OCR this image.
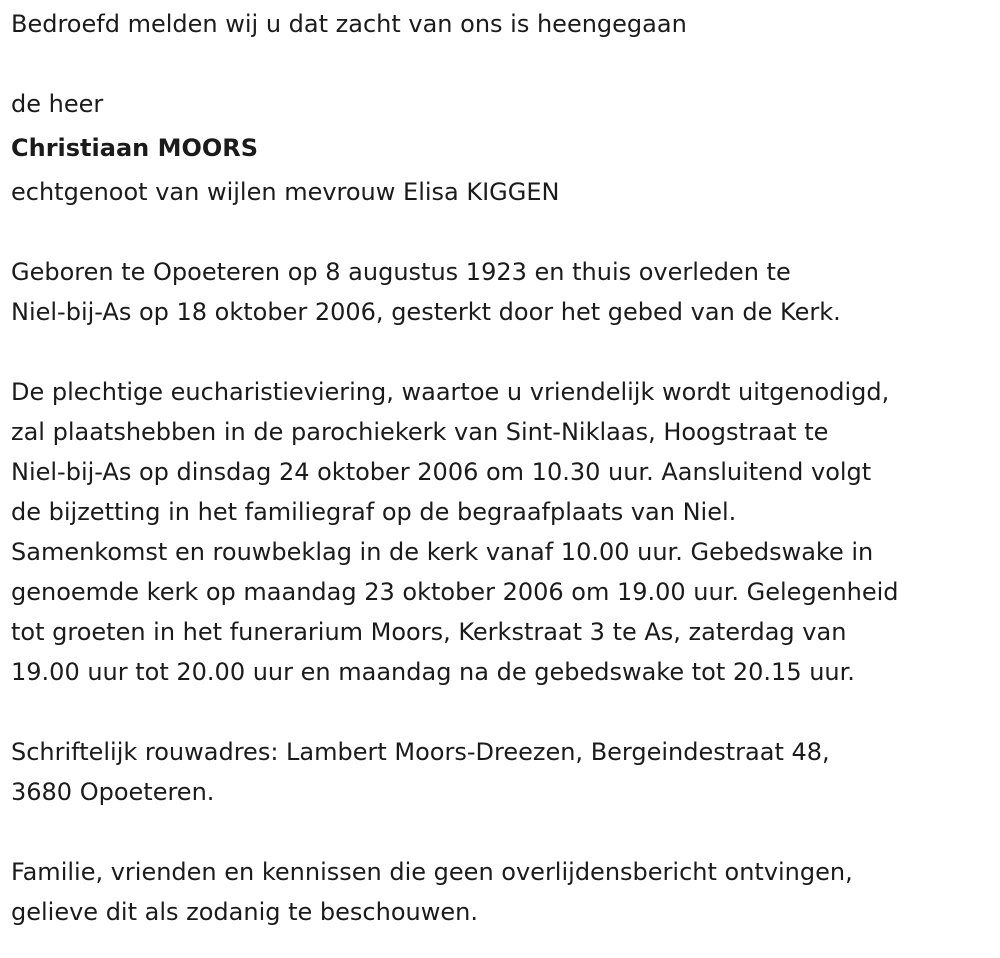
Bedroefd melden wij u dat zacht van ons is heengegaan
de heer
Christiaan MOORS
echtgenoot van wijlen mevrouw Elisa KIGGEN
Geboren te Opoeteren op 8 augustus 1923 en thuis overleden te
Niel-bij-As op 18 oktober 2006, gesterkt door het gebed van de Kerk.
De plechtige eucharistieviering, waartoe u vriendelijk wordt uitgenodigd,
zal plaatshebben in de parochiekerk van Sint-Niklaas, Hoogstraat te
Niel-bij-As op dinsdag 24 oktober 2006 om 10.30 uur. Aansluitend volgt
de bijzetting in het familiegraf op de begraafplaats van Niel.
Samenkomst en rouwbeklag in de kerk vanaf 10.00 uur. Gebedswake in
genoemde kerk op maandag 23 oktober 2006 om 19.00 uur. Gelegenheid
tot groeten in het funerarium Moors, Kerkstraat 3 te As, zaterdag van
19.00 uur tot 20.00 uur en maandag na de gebedswake tot 20.15 uur.
Schriftelijk rouwadres: Lambert Moors-Dreezen, Bergeindestraat 48,
3680 Opoeteren.
Familie, vrienden en kennissen die geen overlijdensbericht ontvingen,
gelieve dit als zodanig te beschouwen.
